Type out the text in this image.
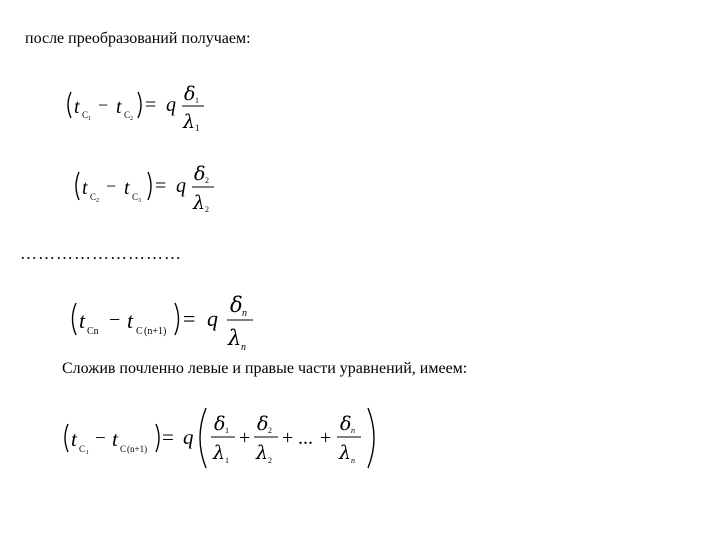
после преобразований получаем:
t C 1
− t C 2
= q δ 1
λ 1
t C 2
− t C 3
= q
δ 2
λ 2
………………………
t Cn
− t C (n+1)
= q
δ n
λ n
Сложив почленно левые и правые части уравнений, имеем:
t C 1
− t C (n+1) = q
δ 1
λ 1
+
δ 2
λ 2
+ ... +
δ n
λ n
